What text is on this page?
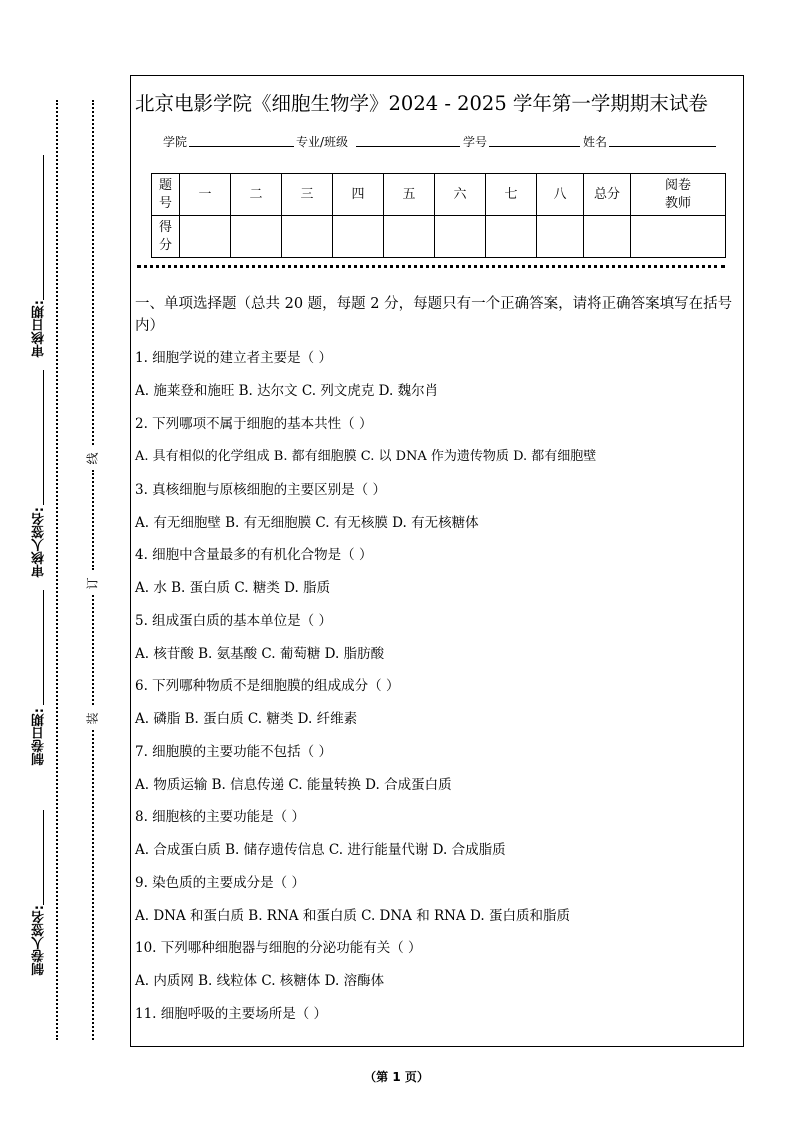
审核日期:
审核人签名:
制卷日期:
制卷人签名:
线
订
装
北京电影学院《细胞生物学》2024 - 2025 学年第一学期期末试卷
学院	专业/班级	学号	姓名
题号	一	二	三	四	五	六	七	八	总分	阅卷教师
得分										
一、单项选择题（总共 20 题，每题 2 分，每题只有一个正确答案，请将正确答案填写在括号内）
1. 细胞学说的建立者主要是（ ）
A. 施莱登和施旺 B. 达尔文 C. 列文虎克 D. 魏尔肖
2. 下列哪项不属于细胞的基本共性（ ）
A. 具有相似的化学组成 B. 都有细胞膜 C. 以 DNA 作为遗传物质 D. 都有细胞壁
3. 真核细胞与原核细胞的主要区别是（ ）
A. 有无细胞壁 B. 有无细胞膜 C. 有无核膜 D. 有无核糖体
4. 细胞中含量最多的有机化合物是（ ）
A. 水 B. 蛋白质 C. 糖类 D. 脂质
5. 组成蛋白质的基本单位是（ ）
A. 核苷酸 B. 氨基酸 C. 葡萄糖 D. 脂肪酸
6. 下列哪种物质不是细胞膜的组成成分（ ）
A. 磷脂 B. 蛋白质 C. 糖类 D. 纤维素
7. 细胞膜的主要功能不包括（ ）
A. 物质运输 B. 信息传递 C. 能量转换 D. 合成蛋白质
8. 细胞核的主要功能是（ ）
A. 合成蛋白质 B. 储存遗传信息 C. 进行能量代谢 D. 合成脂质
9. 染色质的主要成分是（ ）
A. DNA 和蛋白质 B. RNA 和蛋白质 C. DNA 和 RNA D. 蛋白质和脂质
10. 下列哪种细胞器与细胞的分泌功能有关（ ）
A. 内质网 B. 线粒体 C. 核糖体 D. 溶酶体
11. 细胞呼吸的主要场所是（ ）
（第 1 页）
